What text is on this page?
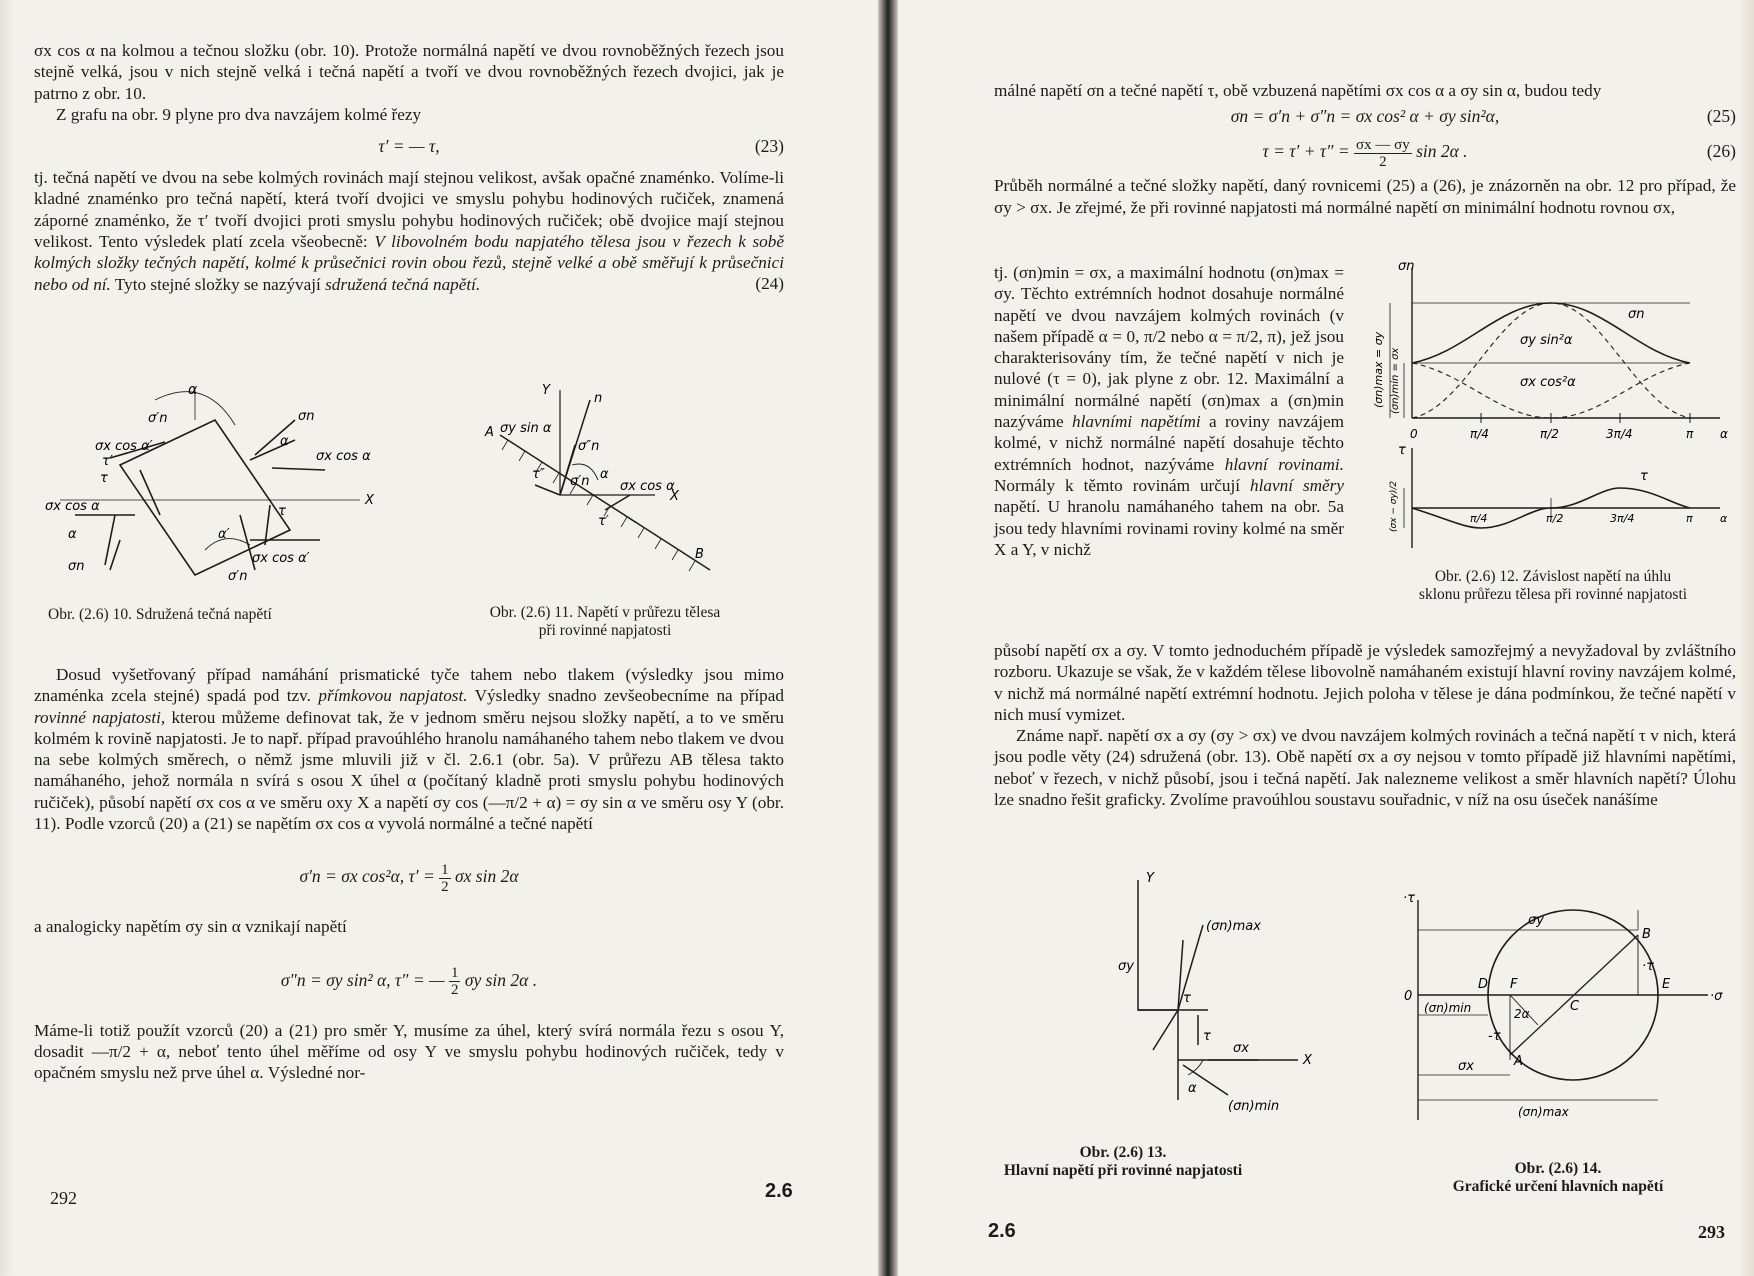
σx cos α na kolmou a tečnou složku (obr. 10). Protože normálná napětí ve dvou rovnoběžných řezech jsou stejně velká, jsou v nich stejně velká i tečná napětí a tvoří ve dvou rovnoběžných řezech dvojici, jak je patrno z obr. 10.

Z grafu na obr. 9 plyne pro dva navzájem kolmé řezy

τ′ = — τ,	(23)

tj. tečná napětí ve dvou na sebe kolmých rovinách mají stejnou velikost, avšak opačné znaménko. Volíme-li kladné znaménko pro tečná napětí, která tvoří dvojici ve smyslu pohybu hodinových ručiček, znamená záporné znaménko, že τ′ tvoří dvojici proti smyslu pohybu hodinových ručiček; obě dvojice mají stejnou velikost. Tento výsledek platí zcela všeobecně: V libovolném bodu napjatého tělesa jsou v řezech k sobě kolmých složky tečných napětí, kolmé k průsečnici rovin obou řezů, stejně velké a obě směřují k průsečnici nebo od ní. Tyto stejné složky se nazývají sdružená tečná napětí.	(24)
α
σ′n
σx cos α′
τ′
σn
α
σx cos α
X
τ
σx cos α
α
σn
α′
τ
σx cos α′
σ′n
Y
n
σy sin α
σ″n
σ′n
τ″	α
σx cos α
X
τ′
A
B
Obr. (2.6) 10. Sdružená tečná napětí	Obr. (2.6) 11. Napětí v průřezu tělesa
při rovinné napjatosti

Dosud vyšetřovaný případ namáhání prismatické tyče tahem nebo tlakem (výsledky jsou mimo znaménka zcela stejné) spadá pod tzv. přímkovou napjatost. Výsledky snadno zevšeobecníme na případ rovinné napjatosti, kterou můžeme definovat tak, že v jednom směru nejsou složky napětí, a to ve směru kolmém k rovině napjatosti. Je to např. případ pravoúhlého hranolu namáhaného tahem nebo tlakem ve dvou na sebe kolmých směrech, o němž jsme mluvili již v čl. 2.6.1 (obr. 5a). V průřezu AB tělesa takto namáhaného, jehož normála n svírá s osou X úhel α (počítaný kladně proti smyslu pohybu hodinových ručiček), působí napětí σx cos α ve směru oxy X a napětí σy cos (—π/2 + α) = σy sin α ve směru osy Y (obr. 11). Podle vzorců (20) a (21) se napětím σx cos α vyvolá normálné a tečné napětí

σ′n = σx cos²α, $\tau' = \frac{1}{2}$ σx sin 2α

a analogicky napětím σy sin α vznikají napětí

σ″n = σy sin² α, τ″ = — $\frac{1}{2}$ σy sin 2α .

Máme-li totiž použít vzorců (20) a (21) pro směr Y, musíme za úhel, který svírá normála řezu s osou Y, dosadit —π/2 + α, neboť tento úhel měříme od osy Y ve smyslu pohybu hodinových ručiček, tedy v opačném smyslu než prve úhel α. Výsledné nor-

292	2.6

málné napětí σn a tečné napětí τ, obě vzbuzená napětími σx cos α a σy sin α, budou tedy

σn = σ′n + σ″n = σx cos² α + σy sin²α,	(25)
$\tau = \tau' + \tau'' = \frac{\sigma x — \sigma y}{2}$ sin 2α .	(26)

Průběh normálné a tečné složky napětí, daný rovnicemi (25) a (26), je znázorněn na obr. 12 pro případ, že σy > σx. Je zřejmé, že při rovinné napjatosti má normálné napětí σn minimální hodnotu rovnou σx,

tj. (σn)min = σx, a maximální hodnotu (σn)max = σy. Těchto extrémních hodnot dosahuje normálné napětí ve dvou navzájem kolmých rovinách (v našem případě α = 0, π/2 nebo α = π/2, π), jež jsou charakterisovány tím, že tečné napětí v nich je nulové (τ = 0), jak plyne z obr. 12. Maximální a minimální normálné napětí (σn)max a (σn)min nazýváme hlavními napětími a roviny navzájem kolmé, v nichž normálné napětí dosahuje těchto extrémních hodnot, nazýváme hlavní rovinami. Normály k těmto rovinám určují hlavní směry napětí. U hranolu namáhaného tahem na obr. 5a jsou tedy hlavními rovinami roviny kolmé na směr X a Y, v nichž

σn
σn
σy sin²α
σx cos²α
(σn)max = σy (σn)min = σx
0	π/4	π/2	3π/4	π α
τ
τ
π/4	π/2	3π/4	π α
(σx − σy)/2
Obr. (2.6) 12. Závislost napětí na úhlu
sklonu průřezu tělesa při rovinné napjatosti

působí napětí σx a σy. V tomto jednoduchém případě je výsledek samozřejmý a nevyžadoval by zvláštního rozboru. Ukazuje se však, že v každém tělese libovolně namáhaném existují hlavní roviny navzájem kolmé, v nichž má normálné napětí extrémní hodnotu. Jejich poloha v tělese je dána podmínkou, že tečné napětí v nich musí vymizet.

Známe např. napětí σx a σy (σy > σx) ve dvou navzájem kolmých rovinách a tečná napětí τ v nich, která jsou podle věty (24) sdružená (obr. 13). Obě napětí σx a σy nejsou v tomto případě již hlavními napětími, neboť v řezech, v nichž působí, jsou i tečná napětí. Jak nalezneme velikost a směr hlavních napětí? Úlohu lze snadno řešit graficky. Zvolíme pravoúhlou soustavu souřadnic, v níž na osu úseček nanášíme

Y
σy
(σn)max
τ
τ
σx
X
α
(σn)min
Obr. (2.6) 13.
Hlavní napětí při rovinné napjatosti
·τ
·σ
0
D F
C
E
A
B
σy
σx
·τ
-τ
2α
(σn)min
(σn)max
Obr. (2.6) 14.
Grafické určení hlavních napětí
2.6	293
